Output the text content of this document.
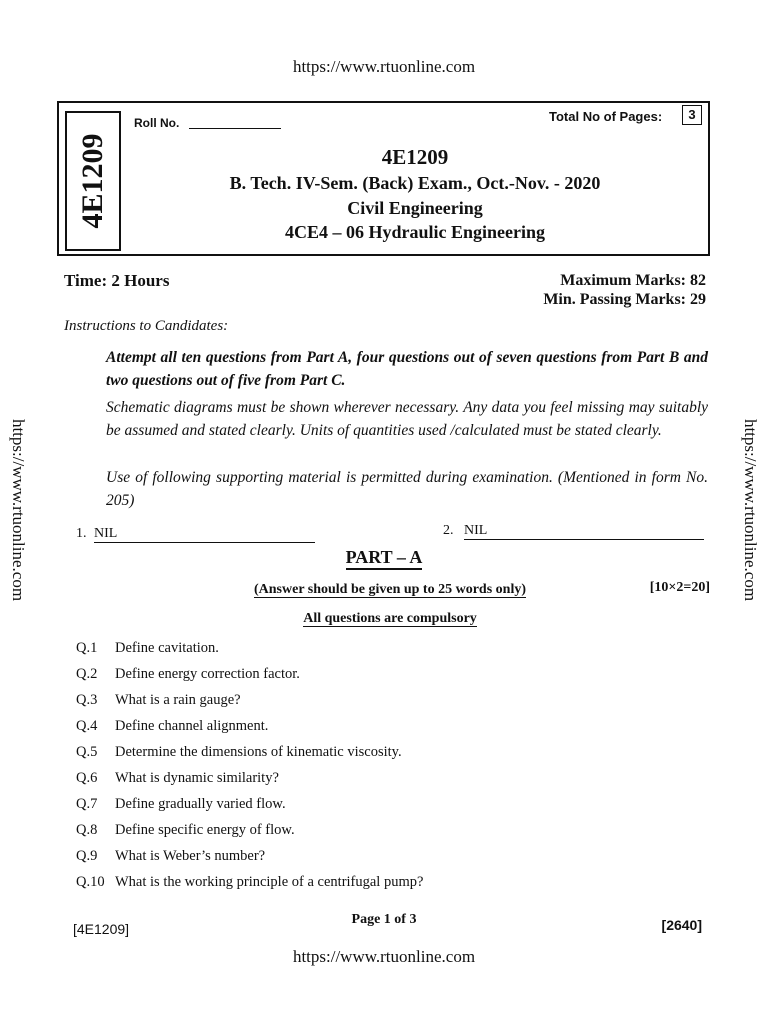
https://www.rtuonline.com
https://www.rtuonline.com	https://www.rtuonline.com
https://www.rtuonline.com
4E1209
Roll No.	Total No of Pages:	3
4E1209
B. Tech. IV-Sem. (Back) Exam., Oct.-Nov. - 2020
Civil Engineering
4CE4 – 06 Hydraulic Engineering
Time: 2 Hours	Maximum Marks: 82
Min. Passing Marks: 29
Instructions to Candidates:
Attempt all ten questions from Part A, four questions out of seven questions from Part B and two questions out of five from Part C.
Schematic diagrams must be shown wherever necessary. Any data you feel missing may suitably be assumed and stated clearly. Units of quantities used /calculated must be stated clearly.
Use of following supporting material is permitted during examination. (Mentioned in form No. 205)
1. NIL	2. NIL
PART – A
(Answer should be given up to 25 words only)	[10×2=20]
All questions are compulsory
Q.1 Define cavitation.
Q.2 Define energy correction factor.
Q.3 What is a rain gauge?
Q.4 Define channel alignment.
Q.5 Determine the dimensions of kinematic viscosity.
Q.6 What is dynamic similarity?
Q.7 Define gradually varied flow.
Q.8 Define specific energy of flow.
Q.9 What is Weber’s number?
Q.10 What is the working principle of a centrifugal pump?
[4E1209]
Page 1 of 3	[2640]
